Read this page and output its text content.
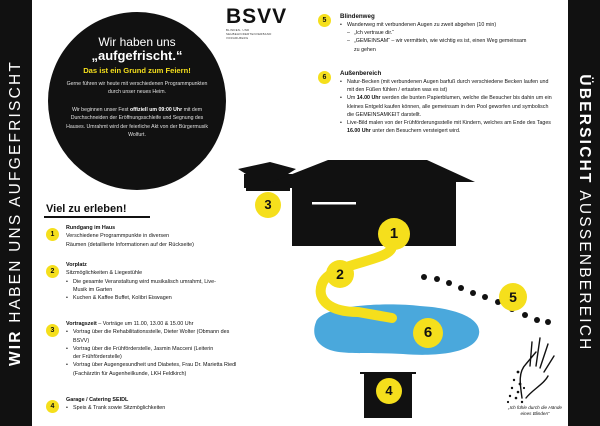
WIR HABEN UNS AUFGEFRISCHT	ÜBERSICHT AUSSENBEREICH
BSVV
BLINDEN- UND SEHBEHINDERTENVERBAND
VORARLBERG
Wir haben uns
„aufgefrischt.“
Das ist ein Grund zum Feiern!
Gerne führen wir heute mit verschiedenen Programmpunkten durch unser neues Heim.
Wir beginnen unser Fest offiziell um 09:00 Uhr mit dem Durchschneiden der Eröffnungsschleife und Segnung des Hauses. Umrahmt wird der feierliche Akt von der Bürgermusik Wolfurt.
3
1
2
5
6
4
Viel zu erleben!
1
Rundgang im Haus
Verschiedene Programmpunkte in diversen
Räumen (detaillierte Informationen auf der Rückseite)
2
Vorplatz
Sitzmöglichkeiten & Liegestühle
• Die gesamte Veranstaltung wird musikalisch umrahmt, Live-Musik im Garten
• Kuchen & Kaffee Buffet, Kolibri Eiswagen
3
Vortragszeit – Vorträge um 11.00, 13.00 & 15.00 Uhr
• Vortrag über die Rehabilitationsstelle, Dieter Wolter (Obmann des BSVV)
• Vortrag über die Frühförderstelle, Jasmin Macceni (Leiterin der Frühförderstelle)
• Vortrag über Augengesundheit und Diabetes, Frau Dr. Marietta Riedl (Fachärztin für Augenheilkunde, LKH Feldkirch)
4
Garage / Catering SEIDL
• Speis & Trank sowie Sitzmöglichkeiten
5
Blindenweg
• Wanderweg mit verbundenen Augen zu zweit abgehen (10 min)
– „Ich vertraue dir.“
– „GEMEINSAM“ – wir vermitteln, wie wichtig es ist, einen Weg gemeinsam zu gehen
6
Außenbereich
• Natur-Becken (mit verbundenen Augen barfuß durch verschiedene Becken laufen und mit den Füßen fühlen / ertasten was es ist)
• Um 14.00 Uhr werden die bunten Papierblumen, welche die Besucher bis dahin um ein kleines Entgeld kaufen können, alle gemeinsam in den Pool geworfen und symbolisch die GEMEINSAMKEIT darstellt.
• Live-Bild malen von der Frühförderungsstelle mit Kindern, welches am Ende des Tages 16.00 Uhr unter den Besuchern versteigert wird.
„Ich fühle durch die Hände eines Blinden“
